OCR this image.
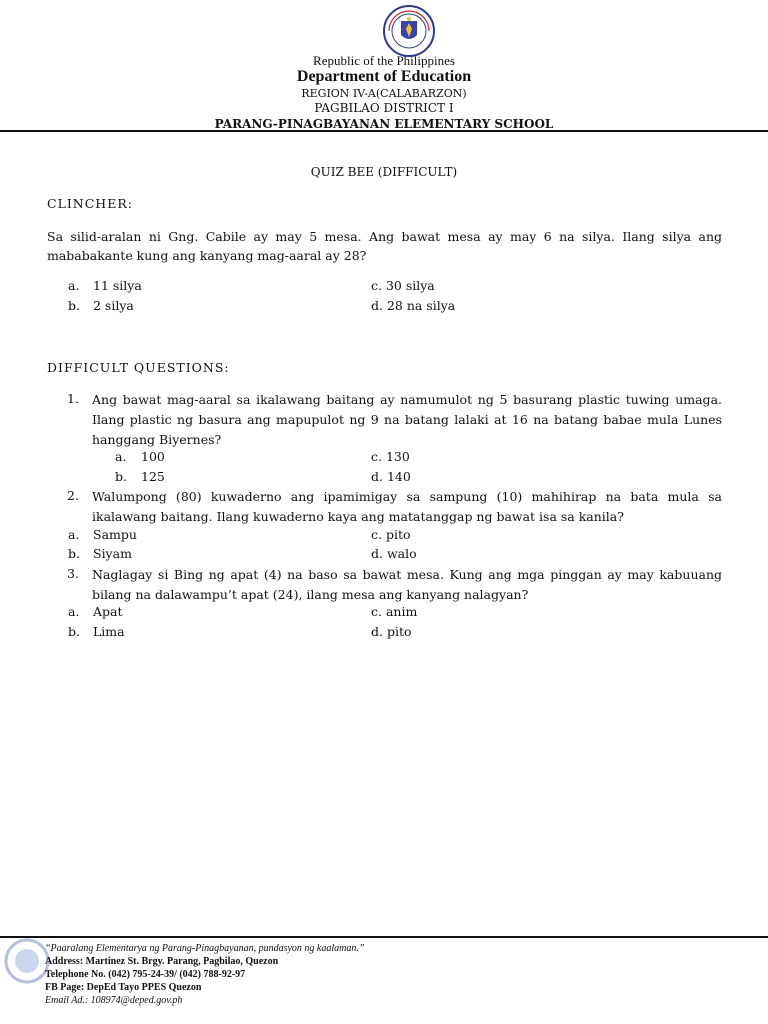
Republic of the Philippines
Department of Education
REGION IV-A(CALABARZON)
PAGBILAO DISTRICT I
PARANG-PINAGBAYANAN ELEMENTARY SCHOOL
QUIZ BEE (DIFFICULT)
CLINCHER:
Sa silid-aralan ni Gng. Cabile ay may 5 mesa. Ang bawat mesa ay may 6 na silya. Ilang silya ang mababakante kung ang kanyang mag-aaral ay 28?
a. 11 silya
b. 2 silya
c. 30 silya
d. 28 na silya
DIFFICULT QUESTIONS:
1. Ang bawat mag-aaral sa ikalawang baitang ay namumulot ng 5 basurang plastic tuwing umaga. Ilang plastic ng basura ang mapupulot ng 9 na batang lalaki at 16 na batang babae mula Lunes hanggang Biyernes?
a. 100
b. 125
c. 130
d. 140
2. Walumpong (80) kuwaderno ang ipamimigay sa sampung (10) mahihirap na bata mula sa ikalawang baitang. Ilang kuwaderno kaya ang matatanggap ng bawat isa sa kanila?
a. Sampu
b. Siyam
c. pito
d. walo
3. Naglagay si Bing ng apat (4) na baso sa bawat mesa. Kung ang mga pinggan ay may kabuuang bilang na dalawampu’t apat (24), ilang mesa ang kanyang nalagyan?
a. Apat
b. Lima
c. anim
d. pito
“Paaralang Elementarya ng Parang-Pinagbayanan, pundasyon ng kaalaman.”
Address: Martinez St. Brgy. Parang, Pagbilao, Quezon
Telephone No. (042) 795-24-39/ (042) 788-92-97
FB Page: DepEd Tayo PPES Quezon
Email Ad.: 108974@deped.gov.ph
